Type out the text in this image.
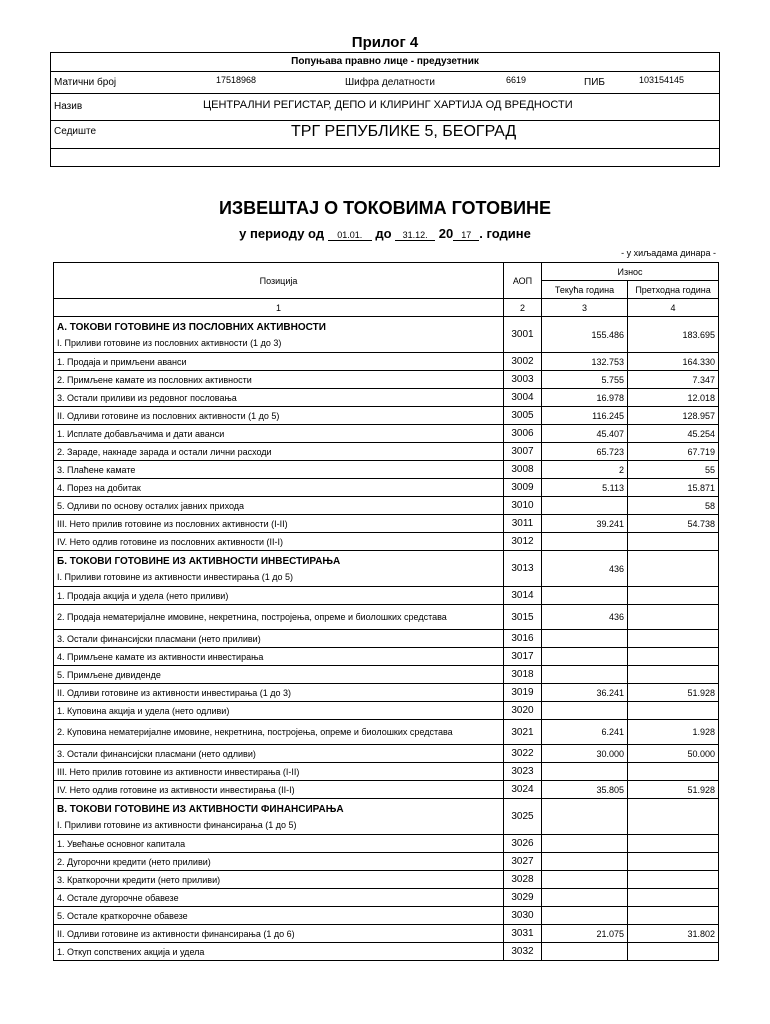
Прилог 4
Попуњава правно лице - предузетник
Матични број	17518968	Шифра делатности	6619	ПИБ	103154145
Назив	ЦЕНТРАЛНИ РЕГИСТАР, ДЕПО И КЛИРИНГ ХАРТИЈА ОД ВРЕДНОСТИ
Седиште	ТРГ РЕПУБЛИКЕ 5, БЕОГРАД
ИЗВЕШТАЈ О ТОКОВИМА ГОТОВИНЕ
у периоду од 01.01. до 31.12. 20 17 . године
- у хиљадама динара -
Позиција	АОП	Износ	
		Текућа година	Претходна година
1	2	3	4

А. ТОКОВИ ГОТОВИНЕ ИЗ ПОСЛОВНИХ АКТИВНОСТИ
I. Приливи готовине из пословних активности (1 до 3)	3001	155.486	183.695
1. Продаја и примљени аванси	3002	132.753	164.330
2. Примљене камате из пословних активности	3003	5.755	7.347
3. Остали приливи из редовног пословања	3004	16.978	12.018
II. Одливи готовине из пословних активности (1 до 5)	3005	116.245	128.957
1. Исплате добављачима и дати аванси	3006	45.407	45.254
2. Зараде, накнаде зарада и остали лични расходи	3007	65.723	67.719
3. Плаћене камате	3008	2	55
4. Порез на добитак	3009	5.113	15.871
5. Одливи по основу осталих јавних прихода	3010		58
III. Нето прилив готовине из пословних активности (I-II)	3011	39.241	54.738
IV. Нето одлив готовине из пословних активности (II-I)	3012		

Б. ТОКОВИ ГОТОВИНЕ ИЗ АКТИВНОСТИ ИНВЕСТИРАЊА
I. Приливи готовине из активности инвестирања (1 до 5)	3013	436	
1. Продаја акција и удела (нето приливи)	3014		

2. Продаја нематеријалне имовине, некретнина, постројења, опреме и биолошких средстава	3015	436	
3. Остали финансијски пласмани (нето приливи)	3016		
4. Примљене камате из активности инвестирања	3017		
5. Примљене дивиденде	3018		
II. Одливи готовине из активности инвестирања (1 до 3)	3019	36.241	51.928
1. Куповина акција и удела (нето одливи)	3020		

2. Куповина нематеријалне имовине, некретнина, постројења, опреме и биолошких средстава	3021	6.241	1.928
3. Остали финансијски пласмани (нето одливи)	3022	30.000	50.000
III. Нето прилив готовине из активности инвестирања (I-II)	3023		
IV. Нето одлив готовине из активности инвестирања (II-I)	3024	35.805	51.928

В. ТОКОВИ ГОТОВИНЕ ИЗ АКТИВНОСТИ ФИНАНСИРАЊА
I. Приливи готовине из активности финансирања (1 до 5)	3025		
1. Увећање основног капитала	3026		
2. Дугорочни кредити (нето приливи)	3027		
3. Краткорочни кредити (нето приливи)	3028		
4. Остале дугорочне обавезе	3029		
5. Остале краткорочне обавезе	3030		
II. Одливи готовине из активности финансирања (1 до 6)	3031	21.075	31.802
1. Откуп сопствених акција и удела	3032		
